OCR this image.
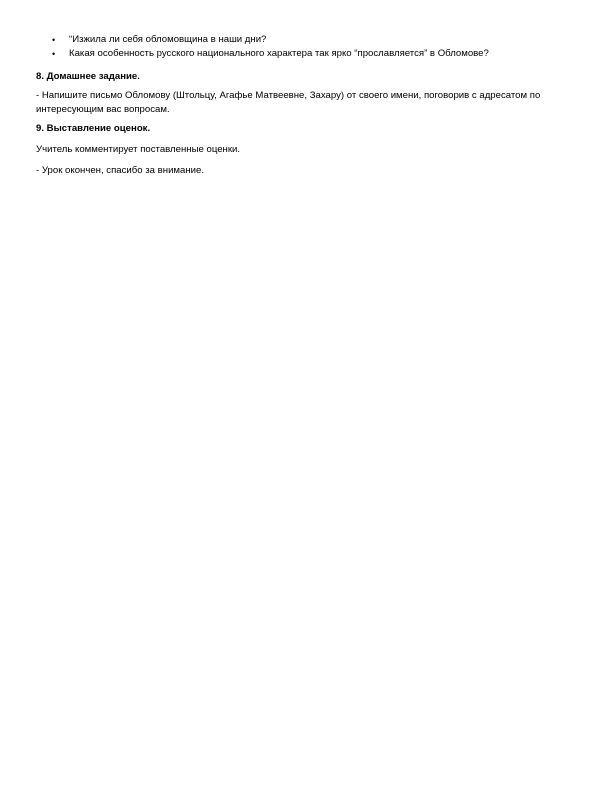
• “Изжила ли себя обломовщина в наши дни?
• Какая особенность русского национального характера так ярко “прославляется” в Обломове?

8. Домашнее задание.

- Напишите письмо Обломову (Штольцу, Агафье Матвеевне, Захару) от своего имени, поговорив с адресатом по
интересующим вас вопросам.

9. Выставление оценок.

Учитель комментирует поставленные оценки.

- Урок окончен, спасибо за внимание.
